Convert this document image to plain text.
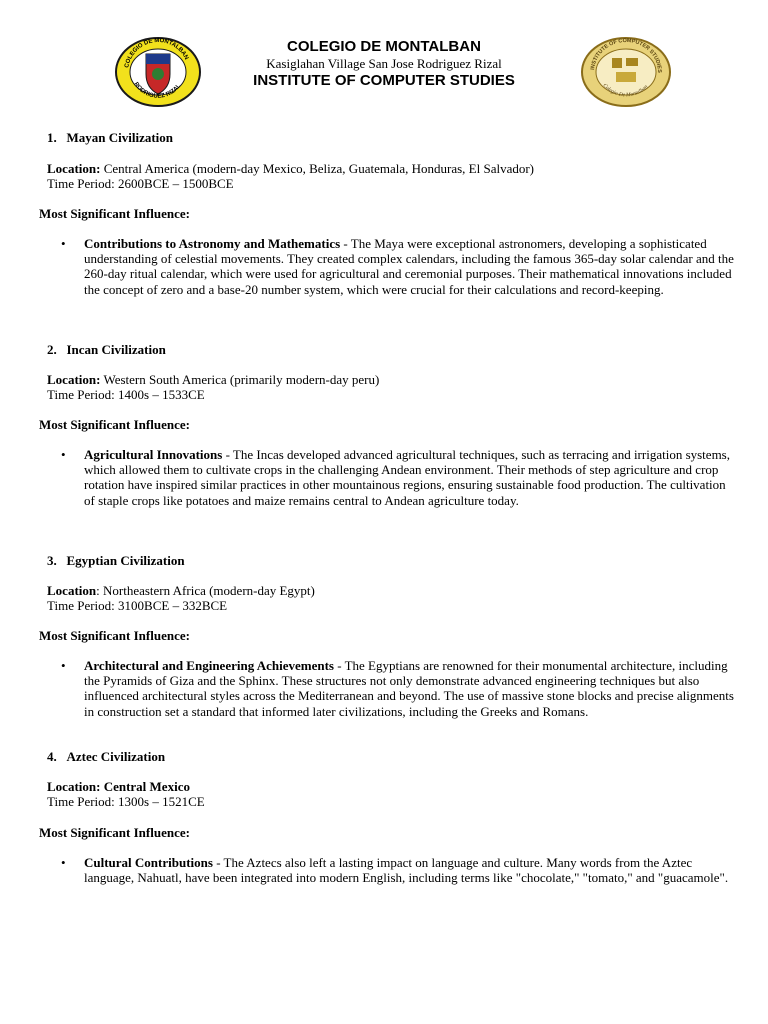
COLEGIO DE MONTALBAN
RODRIGUEZ RIZAL
COLEGIO DE MONTALBAN
Kasiglahan Village San Jose Rodriguez Rizal
INSTITUTE OF COMPUTER STUDIES
INSTITUTE OF COMPUTER STUDIES
Colegio De Montalban
1. Mayan Civilization
Location: Central America (modern-day Mexico, Beliza, Guatemala, Honduras, El Salvador)
Time Period: 2600BCE – 1500BCE
Most Significant Influence:
• Contributions to Astronomy and Mathematics - The Maya were exceptional astronomers, developing a sophisticated understanding of celestial movements. They created complex calendars, including the famous 365-day solar calendar and the 260-day ritual calendar, which were used for agricultural and ceremonial purposes. Their mathematical innovations included the concept of zero and a base-20 number system, which were crucial for their calculations and record-keeping.
2. Incan Civilization
Location: Western South America (primarily modern-day peru)
Time Period: 1400s – 1533CE
Most Significant Influence:
• Agricultural Innovations - The Incas developed advanced agricultural techniques, such as terracing and irrigation systems, which allowed them to cultivate crops in the challenging Andean environment. Their methods of step agriculture and crop rotation have inspired similar practices in other mountainous regions, ensuring sustainable food production. The cultivation of staple crops like potatoes and maize remains central to Andean agriculture today.
3. Egyptian Civilization
Location: Northeastern Africa (modern-day Egypt)
Time Period: 3100BCE – 332BCE
Most Significant Influence:
• Architectural and Engineering Achievements - The Egyptians are renowned for their monumental architecture, including the Pyramids of Giza and the Sphinx. These structures not only demonstrate advanced engineering techniques but also influenced architectural styles across the Mediterranean and beyond. The use of massive stone blocks and precise alignments in construction set a standard that informed later civilizations, including the Greeks and Romans.
4. Aztec Civilization
Location: Central Mexico
Time Period: 1300s – 1521CE
Most Significant Influence:
• Cultural Contributions - The Aztecs also left a lasting impact on language and culture. Many words from the Aztec language, Nahuatl, have been integrated into modern English, including terms like "chocolate," "tomato," and "guacamole".
